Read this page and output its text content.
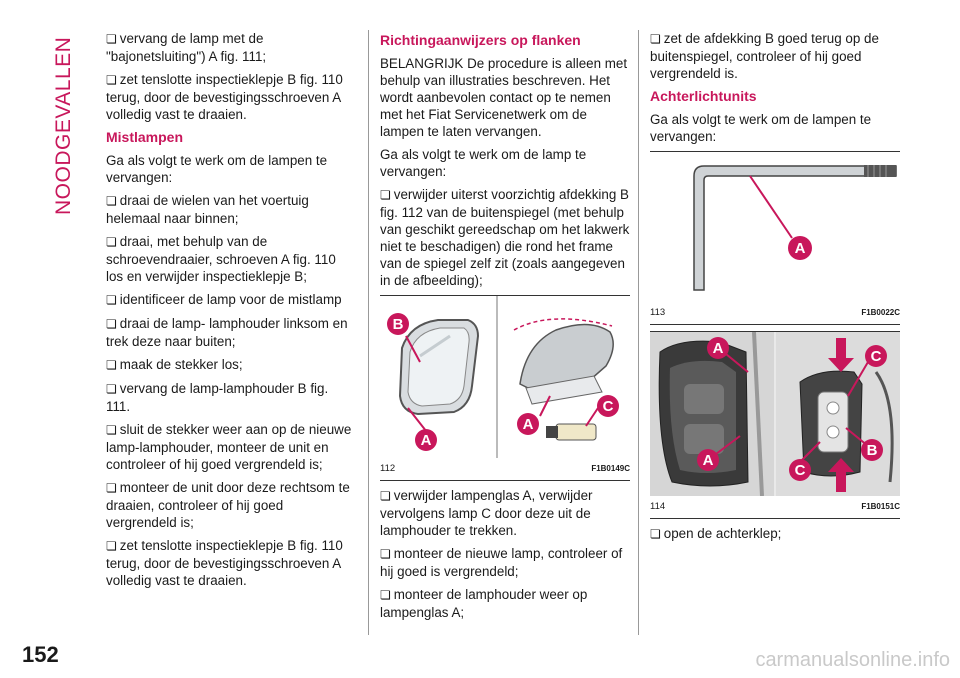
NOODGEVALLEN
152

❏ vervang de lamp met de "bajonetsluiting") A fig. 111;

❏ zet tenslotte inspectieklepje B fig. 110 terug, door de bevestigingsschroeven A volledig vast te draaien.

Mistlampen

Ga als volgt te werk om de lampen te vervangen:

❏ draai de wielen van het voertuig helemaal naar binnen;

❏ draai, met behulp van de schroevendraaier, schroeven A fig. 110 los en verwijder inspectieklepje B;

❏ identificeer de lamp voor de mistlamp

❏ draai de lamp- lamphouder linksom en trek deze naar buiten;

❏ maak de stekker los;

❏ vervang de lamp-lamphouder B fig. 111.

❏ sluit de stekker weer aan op de nieuwe lamp-lamphouder, monteer de unit en controleer of hij goed vergrendeld is;

❏ monteer de unit door deze rechtsom te draaien, controleer of hij goed vergrendeld is;

❏ zet tenslotte inspectieklepje B fig. 110 terug, door de bevestigingsschroeven A volledig vast te draaien.

Richtingaanwijzers op flanken

BELANGRIJK De procedure is alleen met behulp van illustraties beschreven. Het wordt aanbevolen contact op te nemen met het Fiat Servicenetwerk om de lampen te laten vervangen.

Ga als volgt te werk om de lamp te vervangen:

❏ verwijder uiterst voorzichtig afdekking B fig. 112 van de buitenspiegel (met behulp van geschikt gereedschap om het lakwerk niet te beschadigen) die rond het frame van de spiegel zelf zit (zoals aangegeven in de afbeelding);

B
A
A
C
112	F1B0149C

❏ verwijder lampenglas A, verwijder vervolgens lamp C door deze uit de lamphouder te trekken.

❏ monteer de nieuwe lamp, controleer of hij goed is vergrendeld;

❏ monteer de lamphouder weer op lampenglas A;

❏ zet de afdekking B goed terug op de buitenspiegel, controleer of hij goed vergrendeld is.

Achterlichtunits

Ga als volgt te werk om de lampen te vervangen:

A
113	F1B0022C
A
A
C
C
B
114	F1B0151C

❏ open de achterklep;

carmanualsonline.info
